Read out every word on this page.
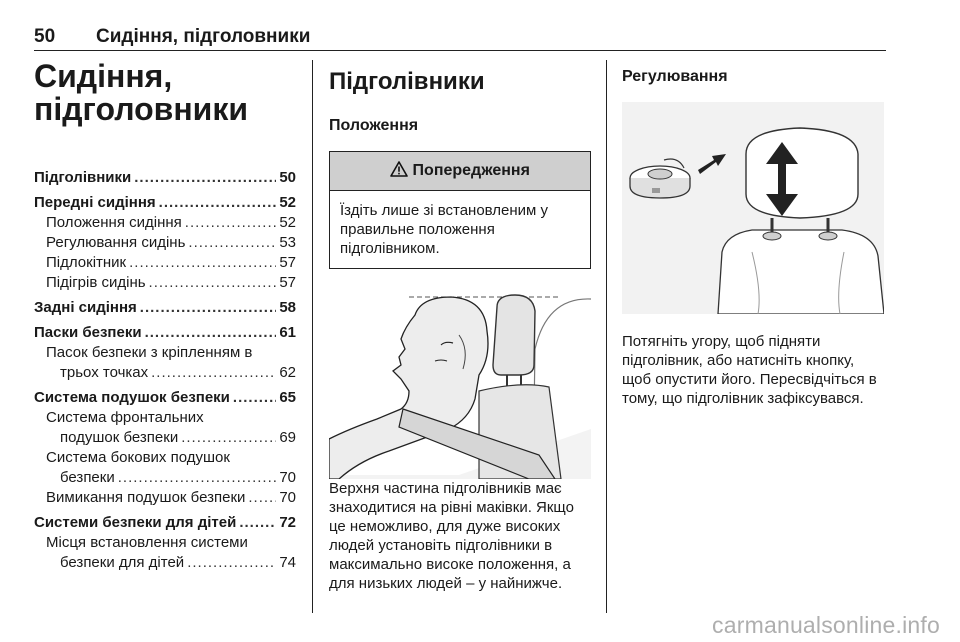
50 Сидіння, підголовники
Сидіння,
підголовники
Підголівники .....	50
Передні сидіння .....	52
Положення сидіння .....	52
Регулювання сидінь .....	53
Підлокітник .....	57
Підігрів сидінь .....	57
Задні сидіння .....	58
Паски безпеки .....	61
Пасок безпеки з кріпленням в
трьох точках .....	62
Система подушок безпеки .....	65
Система фронтальних
подушок безпеки .....	69
Система бокових подушок
безпеки .....	70
Вимикання подушок безпеки ..... 70
Системи безпеки для дітей .....	72
Місця встановлення системи
безпеки для дітей .....	74
Підголівники
Положення
Попередження
Їздіть лише зі встановленим у правильне положення підголівником.
Верхня частина підголівників має знаходитися на рівні маківки. Якщо це неможливо, для дуже високих людей установіть підголівники в максимально високе положення, а для низьких людей – у найнижче.
Регулювання
Потягніть угору, щоб підняти підголівник, або натисніть кнопку, щоб опустити його. Пересвідчіться в тому, що підголівник зафіксувався.
carmanualsonline.info
